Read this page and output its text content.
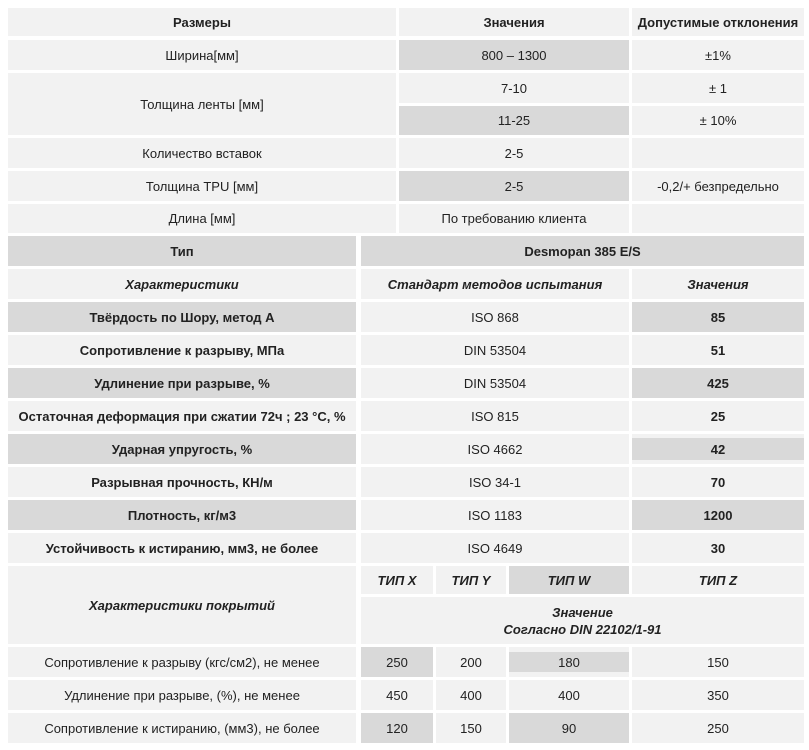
Размеры	Значения	Допустимые отклонения
Ширина[мм]	800 – 1300	±1%
Толщина ленты [мм]
7-10	± 1
11-25	± 10%
Количество вставок	2-5
Толщина TPU [мм]	2-5	-0,2/+ безпредельно
Длина [мм]	По требованию клиента
Тип	Desmopan 385 E/S
Характеристики	Стандарт методов испытания	Значения
Твёрдость по Шору, метод А	ISO 868	85
Сопротивление к разрыву, МПа	DIN 53504	51
Удлинение при разрыве, %	DIN 53504	425
Остаточная деформация при сжатии 72ч ; 23 °С, %	ISO 815	25
Ударная упругость, %	ISO 4662	42
Разрывная прочность, КН/м	ISO 34-1	70
Плотность, кг/м3	ISO 1183	1200
Устойчивость к истиранию, мм3, не более	ISO 4649	30
Характеристики покрытий
ТИП X	ТИП Y	ТИП W	ТИП Z
Значение
Согласно DIN 22102/1-91
Сопротивление к разрыву (кгс/см2), не менее	250	200	180	150
Удлинение при разрыве, (%), не менее	450	400	400	350
Сопротивление к истиранию, (мм3), не более	120	150	90	250
